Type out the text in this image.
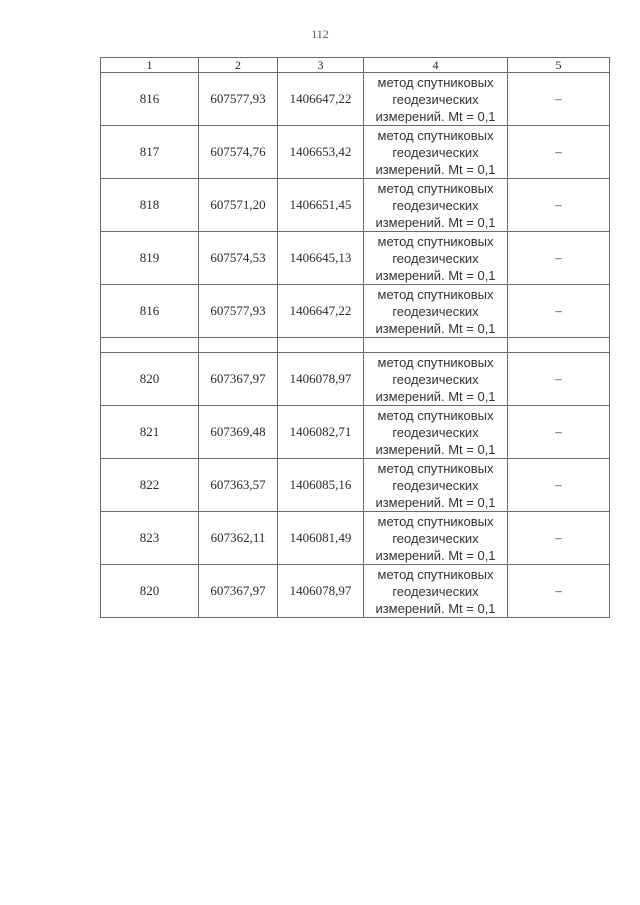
112
1	2	3	4	5
816	607577,93	1406647,22	метод спутниковых
геодезических
измерений. Mt = 0,1	–
817	607574,76	1406653,42	метод спутниковых
геодезических
измерений. Mt = 0,1	–
818	607571,20	1406651,45	метод спутниковых
геодезических
измерений. Mt = 0,1	–
819	607574,53	1406645,13	метод спутниковых
геодезических
измерений. Mt = 0,1	–
816	607577,93	1406647,22	метод спутниковых
геодезических
измерений. Mt = 0,1	–

820	607367,97	1406078,97	метод спутниковых
геодезических
измерений. Mt = 0,1	–
821	607369,48	1406082,71	метод спутниковых
геодезических
измерений. Mt = 0,1	–
822	607363,57	1406085,16	метод спутниковых
геодезических
измерений. Mt = 0,1	–
823	607362,11	1406081,49	метод спутниковых
геодезических
измерений. Mt = 0,1	–
820	607367,97	1406078,97	метод спутниковых
геодезических
измерений. Mt = 0,1	–
